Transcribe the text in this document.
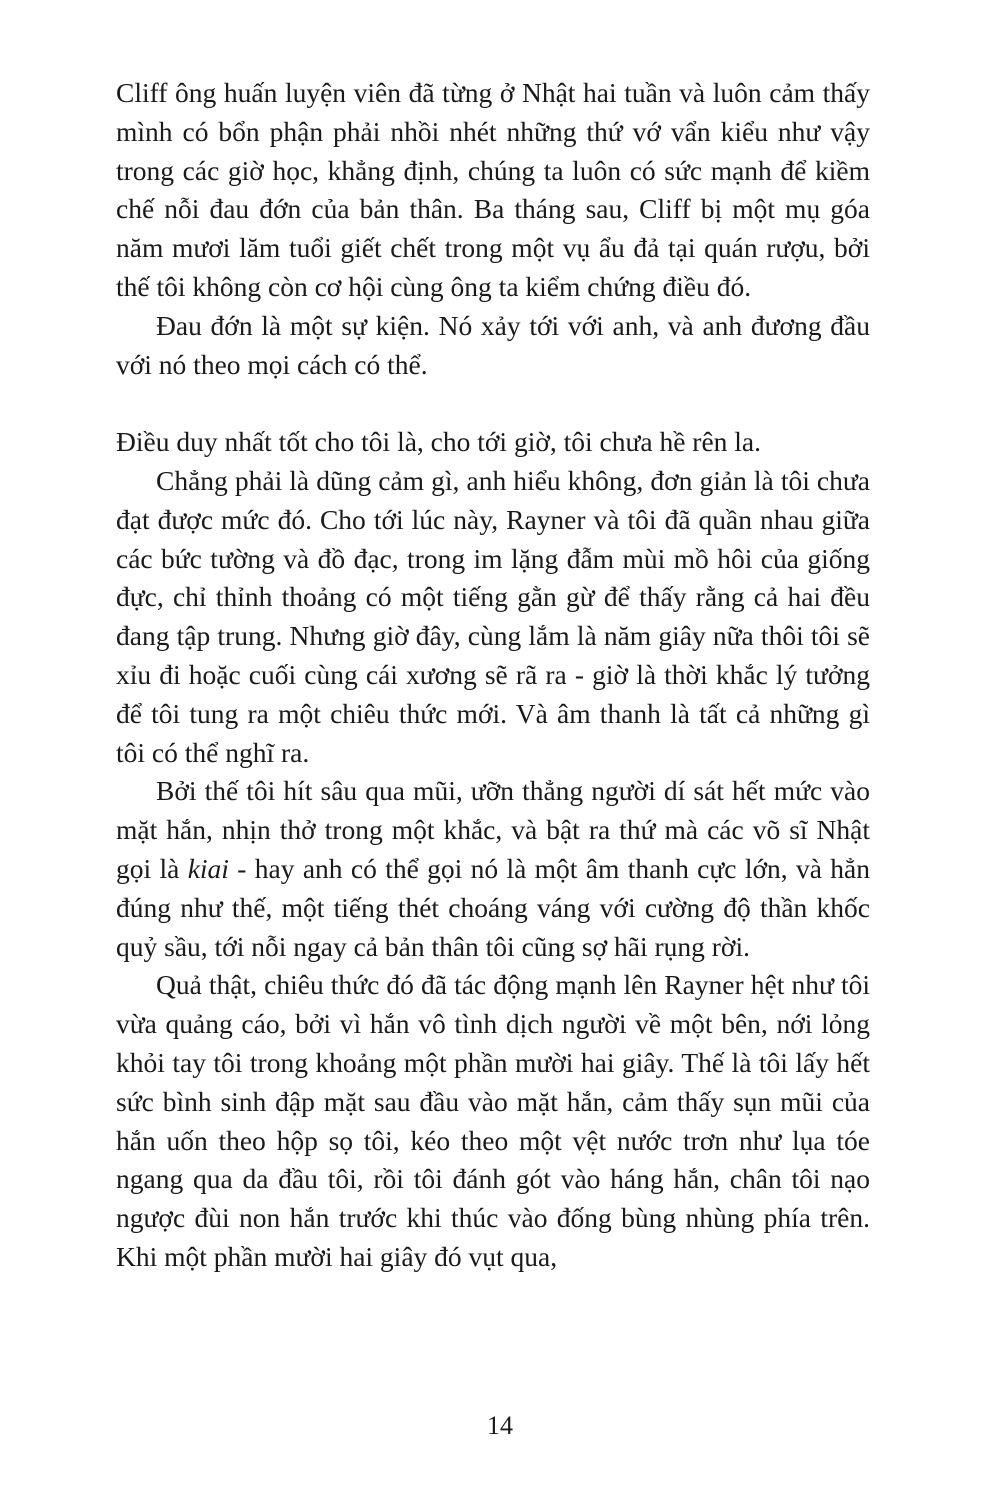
Cliff ông huấn luyện viên đã từng ở Nhật hai tuần và luôn cảm thấy mình có bổn phận phải nhồi nhét những thứ vớ vẩn kiểu như vậy trong các giờ học, khẳng định, chúng ta luôn có sức mạnh để kiềm chế nỗi đau đớn của bản thân. Ba tháng sau, Cliff bị một mụ góa năm mươi lăm tuổi giết chết trong một vụ ẩu đả tại quán rượu, bởi thế tôi không còn cơ hội cùng ông ta kiểm chứng điều đó.

Đau đớn là một sự kiện. Nó xảy tới với anh, và anh đương đầu với nó theo mọi cách có thể.

Điều duy nhất tốt cho tôi là, cho tới giờ, tôi chưa hề rên la.

Chẳng phải là dũng cảm gì, anh hiểu không, đơn giản là tôi chưa đạt được mức đó. Cho tới lúc này, Rayner và tôi đã quần nhau giữa các bức tường và đồ đạc, trong im lặng đẫm mùi mồ hôi của giống đực, chỉ thỉnh thoảng có một tiếng gằn gừ để thấy rằng cả hai đều đang tập trung. Nhưng giờ đây, cùng lắm là năm giây nữa thôi tôi sẽ xỉu đi hoặc cuối cùng cái xương sẽ rã ra - giờ là thời khắc lý tưởng để tôi tung ra một chiêu thức mới. Và âm thanh là tất cả những gì tôi có thể nghĩ ra.

Bởi thế tôi hít sâu qua mũi, ưỡn thẳng người dí sát hết mức vào mặt hắn, nhịn thở trong một khắc, và bật ra thứ mà các võ sĩ Nhật gọi là kiai - hay anh có thể gọi nó là một âm thanh cực lớn, và hẳn đúng như thế, một tiếng thét choáng váng với cường độ thần khốc quỷ sầu, tới nỗi ngay cả bản thân tôi cũng sợ hãi rụng rời.

Quả thật, chiêu thức đó đã tác động mạnh lên Rayner hệt như tôi vừa quảng cáo, bởi vì hắn vô tình dịch người về một bên, nới lỏng khỏi tay tôi trong khoảng một phần mười hai giây. Thế là tôi lấy hết sức bình sinh đập mặt sau đầu vào mặt hắn, cảm thấy sụn mũi của hắn uốn theo hộp sọ tôi, kéo theo một vệt nước trơn như lụa tóe ngang qua da đầu tôi, rồi tôi đánh gót vào háng hắn, chân tôi nạo ngược đùi non hắn trước khi thúc vào đống bùng nhùng phía trên. Khi một phần mười hai giây đó vụt qua,

14
